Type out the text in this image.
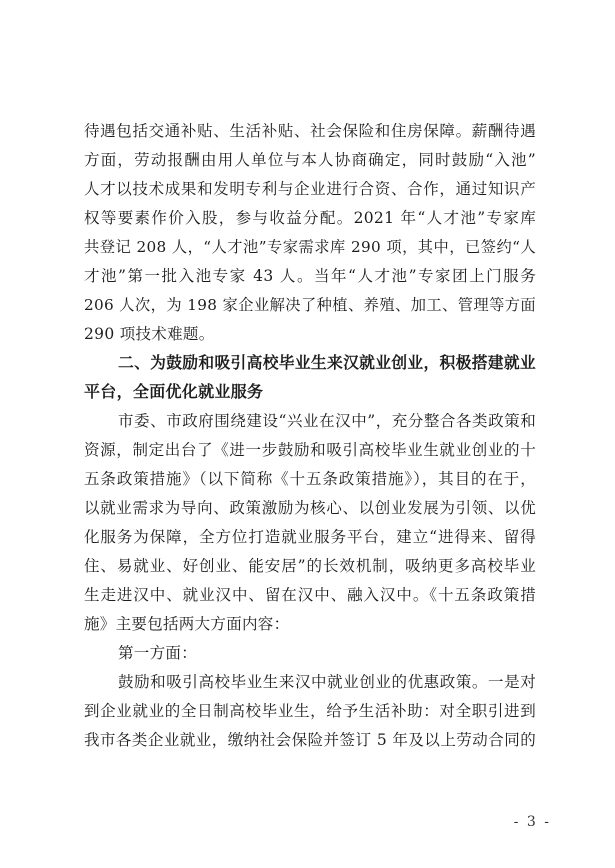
待遇包括交通补贴、生活补贴、社会保险和住房保障。薪酬待遇
方面，劳动报酬由用人单位与本人协商确定，同时鼓励“入池”
人才以技术成果和发明专利与企业进行合资、合作，通过知识产
权等要素作价入股，参与收益分配。2021 年“人才池”专家库
共登记 208 人，“人才池”专家需求库 290 项，其中，已签约“人
才池”第一批入池专家 43 人。当年“人才池”专家团上门服务
206 人次，为 198 家企业解决了种植、养殖、加工、管理等方面
290 项技术难题。
二、为鼓励和吸引高校毕业生来汉就业创业，积极搭建就业
平台，全面优化就业服务
市委、市政府围绕建设“兴业在汉中”，充分整合各类政策和
资源，制定出台了《进一步鼓励和吸引高校毕业生就业创业的十
五条政策措施》（以下简称《十五条政策措施》），其目的在于，
以就业需求为导向、政策激励为核心、以创业发展为引领、以优
化服务为保障，全方位打造就业服务平台，建立“进得来、留得
住、易就业、好创业、能安居”的长效机制，吸纳更多高校毕业
生走进汉中、就业汉中、留在汉中、融入汉中。《十五条政策措
施》主要包括两大方面内容：
第一方面：
鼓励和吸引高校毕业生来汉中就业创业的优惠政策。一是对
到企业就业的全日制高校毕业生，给予生活补助：对全职引进到
我市各类企业就业，缴纳社会保险并签订 5 年及以上劳动合同的
- 3 -
